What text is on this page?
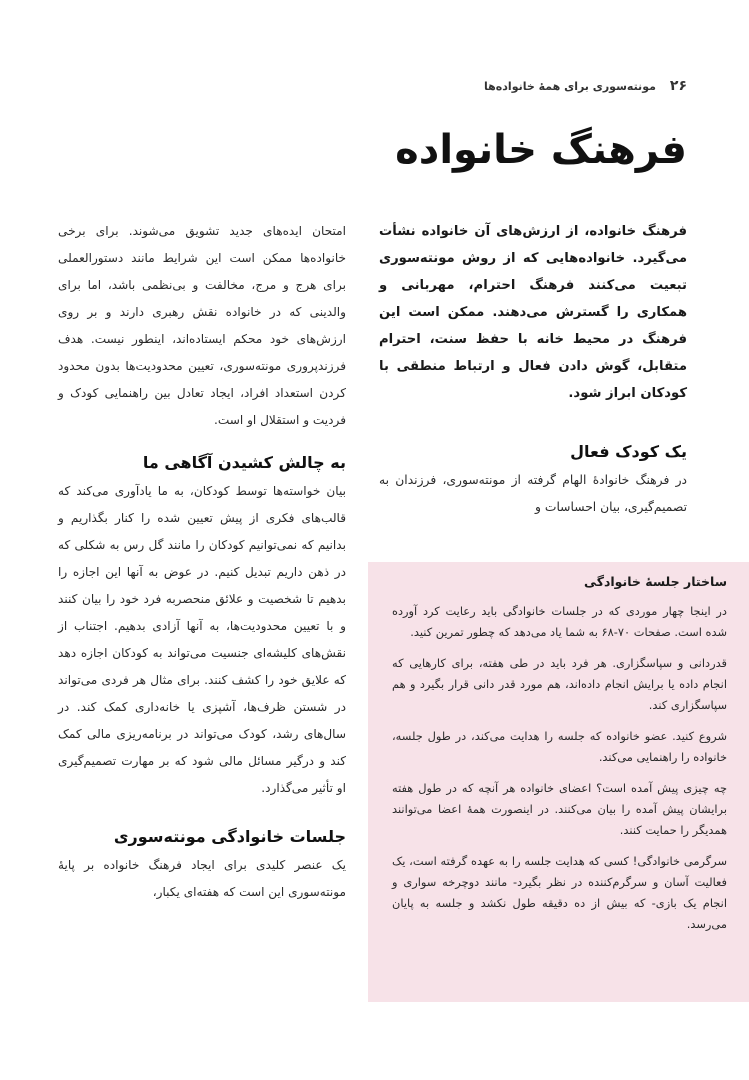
۲۶
مونته‌سوری برای همهٔ خانواده‌ها
فرهنگ خانواده

فرهنگ خانواده، از ارزش‌های آن خانواده نشأت می‌گیرد. خانواده‌هایی که از روش مونته‌سوری تبعیت می‌کنند فرهنگ احترام، مهربانی و همکاری را گسترش می‌دهند. ممکن است این فرهنگ در محیط خانه با حفظ سنت، احترام متقابل، گوش دادن فعال و ارتباط منطقی با کودکان ابراز شود.

یک کودک فعال

در فرهنگ خانوادهٔ الهام گرفته از مونته‌سوری، فرزندان به تصمیم‌گیری، بیان احساسات و

امتحان ایده‌های جدید تشویق می‌شوند. برای برخی خانواده‌ها ممکن است این شرایط مانند دستورالعملی برای هرج و مرج، مخالفت و بی‌نظمی باشد، اما برای والدینی که در خانواده نقش رهبری دارند و بر روی ارزش‌های خود محکم ایستاده‌اند، اینطور نیست. هدف فرزندپروری مونته‌سوری، تعیین محدودیت‌ها بدون محدود کردن استعداد افراد، ایجاد تعادل بین راهنمایی کودک و فردیت و استقلال او است.

به چالش کشیدن آگاهی ما

بیان خواسته‌ها توسط کودکان، به ما یادآوری می‌کند که قالب‌های فکری از پیش تعیین شده را کنار بگذاریم و بدانیم که نمی‌توانیم کودکان را مانند گل رس به شکلی که در ذهن داریم تبدیل کنیم. در عوض به آنها این اجازه را بدهیم تا شخصیت و علائق منحصربه فرد خود را بیان کنند و با تعیین محدودیت‌ها، به آنها آزادی بدهیم. اجتناب از نقش‌های کلیشه‌ای جنسیت می‌تواند به کودکان اجازه دهد که علایق خود را کشف کنند. برای مثال هر فردی می‌تواند در شستن ظرف‌ها، آشپزی یا خانه‌داری کمک کند. در سال‌های رشد، کودک می‌تواند در برنامه‌ریزی مالی کمک کند و درگیر مسائل مالی شود که بر مهارت تصمیم‌گیری او تأثیر می‌گذارد.

جلسات خانوادگی مونته‌سوری

یک عنصر کلیدی برای ایجاد فرهنگ خانواده بر پایهٔ مونته‌سوری این است که هفته‌ای یکبار،

ساختار جلسهٔ خانوادگی

در اینجا چهار موردی که در جلسات خانوادگی باید رعایت کرد آورده شده است. صفحات ۷۰-۶۸ به شما یاد می‌دهد که چطور تمرین کنید.

قدردانی و سپاسگزاری. هر فرد باید در طی هفته، برای کارهایی که انجام داده یا برایش انجام داده‌اند، هم مورد قدر دانی قرار بگیرد و هم سپاسگزاری کند.

شروع کنید. عضو خانواده که جلسه را هدایت می‌کند، در طول جلسه، خانواده را راهنمایی می‌کند.

چه چیزی پیش آمده است؟ اعضای خانواده هر آنچه که در طول هفته برایشان پیش آمده را بیان می‌کنند. در اینصورت همهٔ اعضا می‌توانند همدیگر را حمایت کنند.

سرگرمی خانوادگی! کسی که هدایت جلسه را به عهده گرفته است، یک فعالیت آسان و سرگرم‌کننده در نظر بگیرد- مانند دوچرخه سواری و انجام یک بازی- که بیش از ده دقیقه طول نکشد و جلسه به پایان می‌رسد.
